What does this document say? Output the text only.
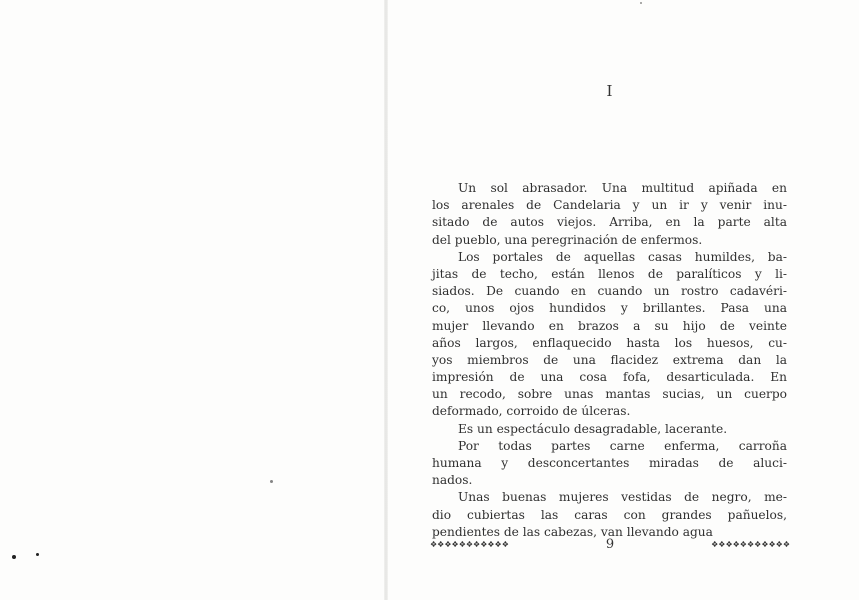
I
Un sol abrasador. Una multitud apiñada en
los arenales de Candelaria y un ir y venir inu-
sitado de autos viejos. Arriba, en la parte alta
del pueblo, una peregrinación de enfermos.
Los portales de aquellas casas humildes, ba-
jitas de techo, están llenos de paralíticos y li-
siados. De cuando en cuando un rostro cadavéri-
co, unos ojos hundidos y brillantes. Pasa una
mujer llevando en brazos a su hijo de veinte
años largos, enflaquecido hasta los huesos, cu-
yos miembros de una flacidez extrema dan la
impresión de una cosa fofa, desarticulada. En
un recodo, sobre unas mantas sucias, un cuerpo
deformado, corroido de úlceras.
Es un espectáculo desagradable, lacerante.
Por todas partes carne enferma, carroña
humana y desconcertantes miradas de aluci-
nados.
Unas buenas mujeres vestidas de negro, me-
dio cubiertas las caras con grandes pañuelos,
pendientes de las cabezas, van llevando agua
❖❖❖❖❖❖❖❖❖❖❖	9	❖❖❖❖❖❖❖❖❖❖❖
